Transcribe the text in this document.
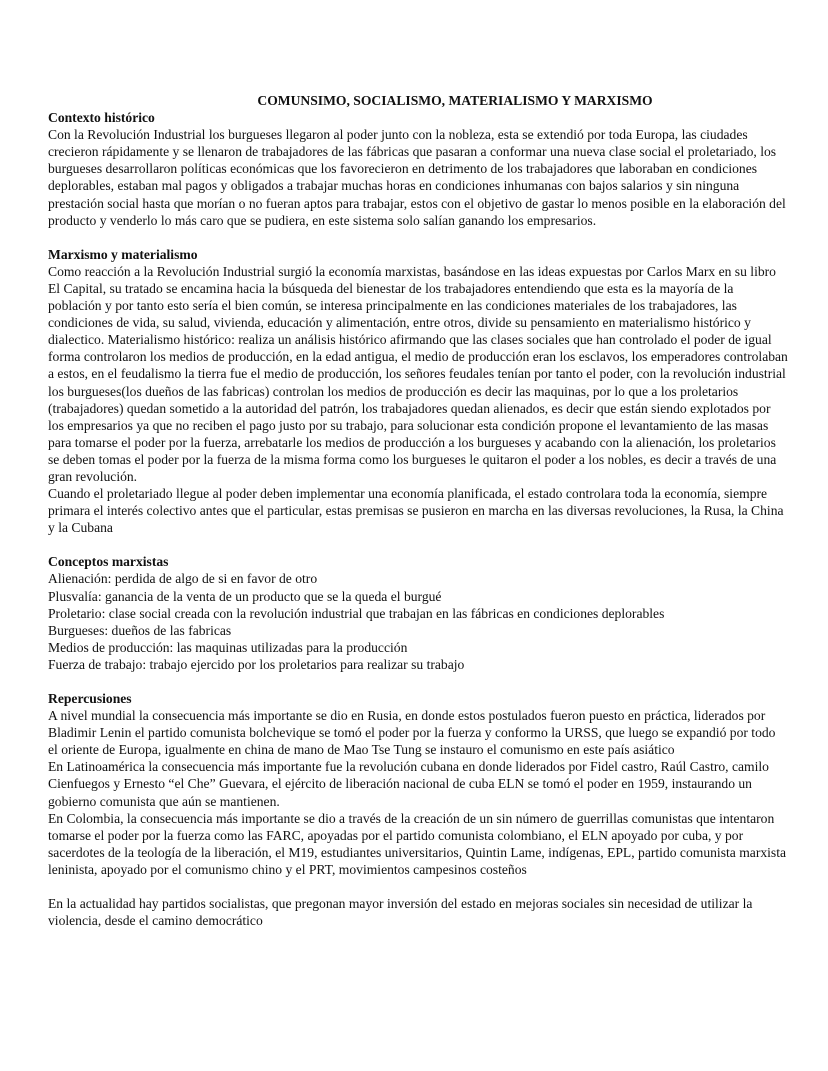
COMUNSIMO, SOCIALISMO, MATERIALISMO Y MARXISMO

Contexto histórico

Con la Revolución Industrial los burgueses llegaron al poder junto con la nobleza, esta se extendió por toda Europa, las ciudades crecieron rápidamente y se llenaron de trabajadores de las fábricas que pasaran a conformar una nueva clase social el proletariado, los burgueses desarrollaron políticas económicas que los favorecieron en detrimento de los trabajadores que laboraban en condiciones deplorables, estaban mal pagos y obligados a trabajar muchas horas en condiciones inhumanas con bajos salarios y sin ninguna prestación social hasta que morían o no fueran aptos para trabajar, estos con el objetivo de gastar lo menos posible en la elaboración del producto y venderlo lo más caro que se pudiera, en este sistema solo salían ganando los empresarios.

Marxismo y materialismo

Como reacción a la Revolución Industrial surgió la economía marxistas, basándose en las ideas expuestas por Carlos Marx en su libro El Capital, su tratado se encamina hacia la búsqueda del bienestar de los trabajadores entendiendo que esta es la mayoría de la población y por tanto esto sería el bien común, se interesa principalmente en las condiciones materiales de los trabajadores, las condiciones de vida, su salud, vivienda, educación y alimentación, entre otros, divide su pensamiento en materialismo histórico y dialectico. Materialismo histórico: realiza un análisis histórico afirmando que las clases sociales que han controlado el poder de igual forma controlaron los medios de producción, en la edad antigua, el medio de producción eran los esclavos, los emperadores controlaban a estos, en el feudalismo la tierra fue el medio de producción, los señores feudales tenían por tanto el poder, con la revolución industrial los burgueses(los dueños de las fabricas) controlan los medios de producción es decir las maquinas, por lo que a los proletarios (trabajadores) quedan sometido a la autoridad del patrón, los trabajadores quedan alienados, es decir que están siendo explotados por los empresarios ya que no reciben el pago justo por su trabajo, para solucionar esta condición propone el levantamiento de las masas para tomarse el poder por la fuerza, arrebatarle los medios de producción a los burgueses y acabando con la alienación, los proletarios se deben tomas el poder por la fuerza de la misma forma como los burgueses le quitaron el poder a los nobles, es decir a través de una gran revolución.

Cuando el proletariado llegue al poder deben implementar una economía planificada, el estado controlara toda la economía, siempre primara el interés colectivo antes que el particular, estas premisas se pusieron en marcha en las diversas revoluciones, la Rusa, la China y la Cubana

Conceptos marxistas

Alienación: perdida de algo de si en favor de otro

Plusvalía: ganancia de la venta de un producto que se la queda el burgué

Proletario: clase social creada con la revolución industrial que trabajan en las fábricas en condiciones deplorables

Burgueses: dueños de las fabricas

Medios de producción: las maquinas utilizadas para la producción

Fuerza de trabajo: trabajo ejercido por los proletarios para realizar su trabajo

Repercusiones

A nivel mundial la consecuencia más importante se dio en Rusia, en donde estos postulados fueron puesto en práctica, liderados por Bladimir Lenin el partido comunista bolchevique se tomó el poder por la fuerza y conformo la URSS, que luego se expandió por todo el oriente de Europa, igualmente en china de mano de Mao Tse Tung se instauro el comunismo en este país asiático

En Latinoamérica la consecuencia más importante fue la revolución cubana en donde liderados por Fidel castro, Raúl Castro, camilo Cienfuegos y Ernesto “el Che” Guevara, el ejército de liberación nacional de cuba ELN se tomó el poder en 1959, instaurando un gobierno comunista que aún se mantienen.

En Colombia, la consecuencia más importante se dio a través de la creación de un sin número de guerrillas comunistas que intentaron tomarse el poder por la fuerza como las FARC, apoyadas por el partido comunista colombiano, el ELN apoyado por cuba, y por sacerdotes de la teología de la liberación, el M19, estudiantes universitarios, Quintin Lame, indígenas, EPL, partido comunista marxista leninista, apoyado por el comunismo chino y el PRT, movimientos campesinos costeños

En la actualidad hay partidos socialistas, que pregonan mayor inversión del estado en mejoras sociales sin necesidad de utilizar la violencia, desde el camino democrático
